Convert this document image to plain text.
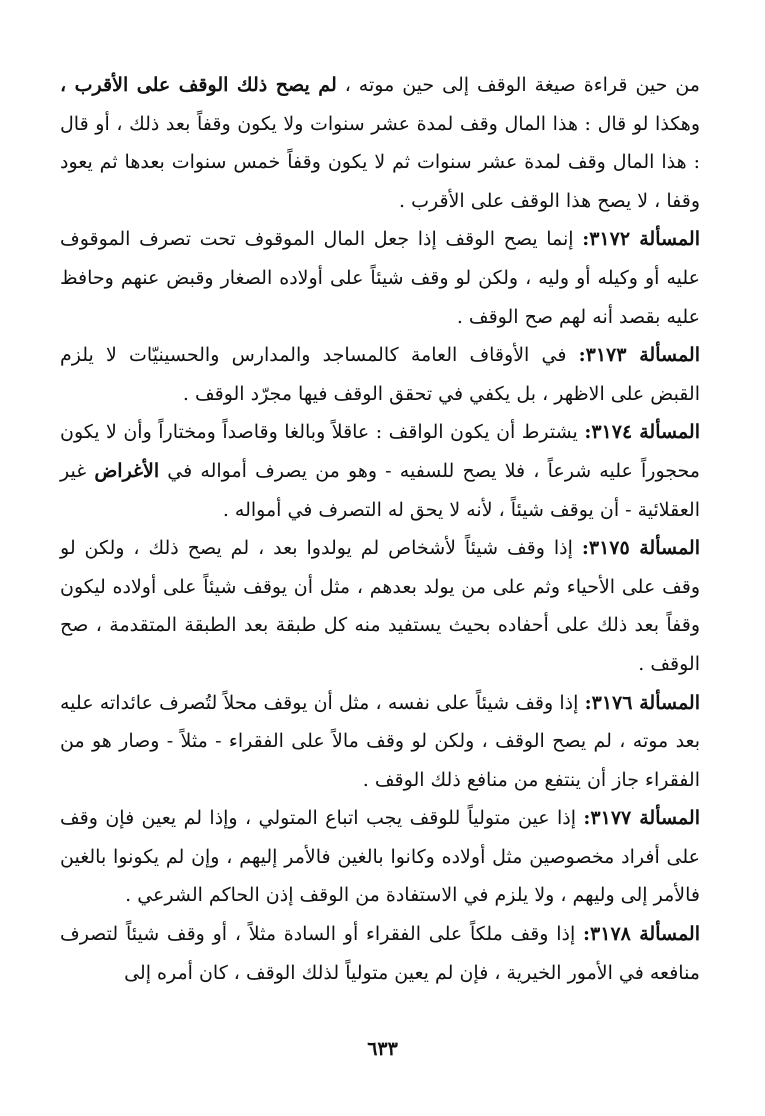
من حين قراءة صيغة الوقف إلى حين موته ، لم يصح ذلك الوقف على الأقرب ، وهكذا لو قال : هذا المال وقف لمدة عشر سنوات ولا يكون وقفاً بعد ذلك ، أو قال : هذا المال وقف لمدة عشر سنوات ثم لا يكون وقفاً خمس سنوات بعدها ثم يعود وقفا ، لا يصح هذا الوقف على الأقرب .

المسألة ٣١٧٢: إنما يصح الوقف إذا جعل المال الموقوف تحت تصرف الموقوف عليه أو وكيله أو وليه ، ولكن لو وقف شيئاً على أولاده الصغار وقبض عنهم وحافظ عليه بقصد أنه لهم صح الوقف .

المسألة ٣١٧٣: في الأوقاف العامة كالمساجد والمدارس والحسينيّات لا يلزم القبض على الاظهر ، بل يكفي في تحقق الوقف فيها مجرّد الوقف .

المسألة ٣١٧٤: يشترط أن يكون الواقف : عاقلاً وبالغا وقاصداً ومختاراً وأن لا يكون محجوراً عليه شرعاً ، فلا يصح للسفيه - وهو من يصرف أمواله في الأغراض غير العقلائية - أن يوقف شيئاً ، لأنه لا يحق له التصرف في أمواله .

المسألة ٣١٧٥: إذا وقف شيئاً لأشخاص لم يولدوا بعد ، لم يصح ذلك ، ولكن لو وقف على الأحياء وثم على من يولد بعدهم ، مثل أن يوقف شيئاً على أولاده ليكون وقفاً بعد ذلك على أحفاده بحيث يستفيد منه كل طبقة بعد الطبقة المتقدمة ، صح الوقف .

المسألة ٣١٧٦: إذا وقف شيئاً على نفسه ، مثل أن يوقف محلاً لتُصرف عائداته عليه بعد موته ، لم يصح الوقف ، ولكن لو وقف مالاً على الفقراء - مثلاً - وصار هو من الفقراء جاز أن ينتفع من منافع ذلك الوقف .

المسألة ٣١٧٧: إذا عين متولياً للوقف يجب اتباع المتولي ، وإذا لم يعين فإن وقف على أفراد مخصوصين مثل أولاده وكانوا بالغين فالأمر إليهم ، وإن لم يكونوا بالغين فالأمر إلى وليهم ، ولا يلزم في الاستفادة من الوقف إذن الحاكم الشرعي .

المسألة ٣١٧٨: إذا وقف ملكاً على الفقراء أو السادة مثلاً ، أو وقف شيئاً لتصرف منافعه في الأمور الخيرية ، فإن لم يعين متولياً لذلك الوقف ، كان أمره إلى

٦٣٣
